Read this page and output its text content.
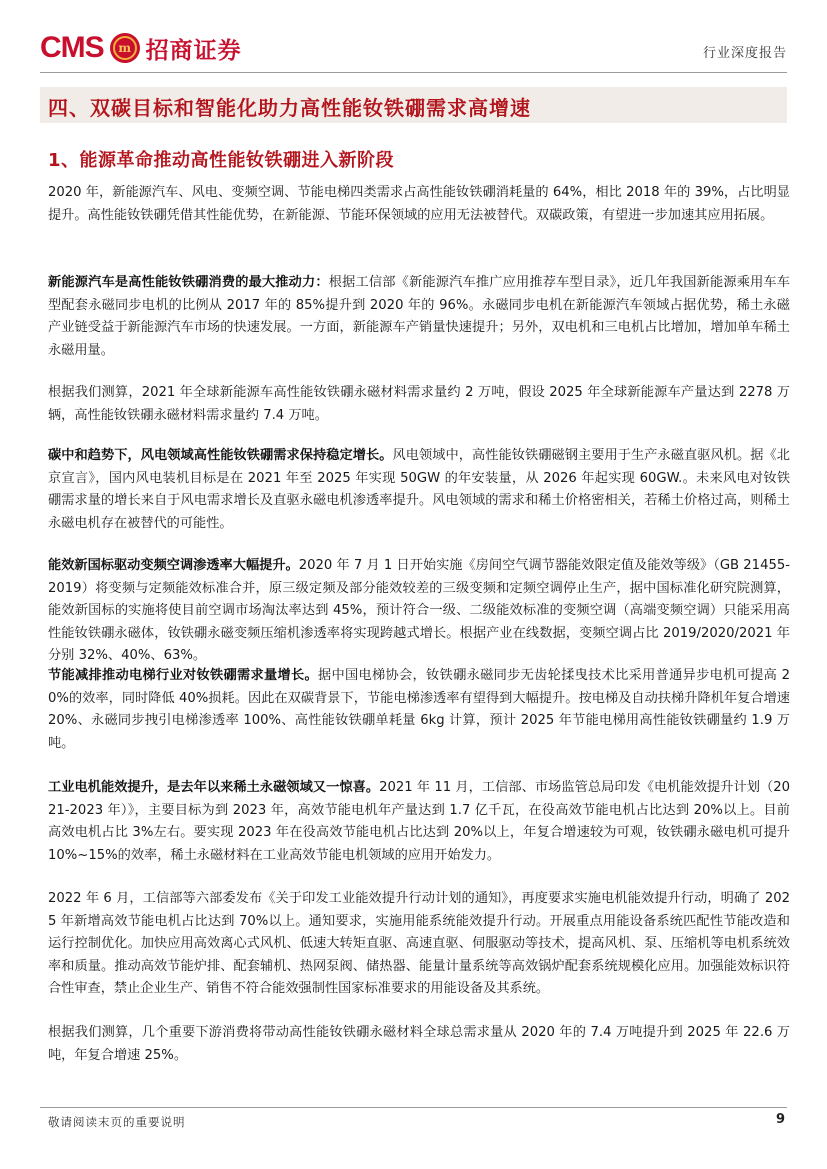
CMS m 招商证券	行业深度报告
四、双碳目标和智能化助力高性能钕铁硼需求高增速
1、能源革命推动高性能钕铁硼进入新阶段

2020 年，新能源汽车、风电、变频空调、节能电梯四类需求占高性能钕铁硼消耗量的 64%，相比 2018 年的 39%，占比明显提升。高性能钕铁硼凭借其性能优势，在新能源、节能环保领域的应用无法被替代。双碳政策，有望进一步加速其应用拓展。

新能源汽车是高性能钕铁硼消费的最大推动力：根据工信部《新能源汽车推广应用推荐车型目录》，近几年我国新能源乘用车车型配套永磁同步电机的比例从 2017 年的 85%提升到 2020 年的 96%。永磁同步电机在新能源汽车领域占据优势，稀土永磁产业链受益于新能源汽车市场的快速发展。一方面，新能源车产销量快速提升；另外，双电机和三电机占比增加，增加单车稀土永磁用量。

根据我们测算，2021 年全球新能源车高性能钕铁硼永磁材料需求量约 2 万吨，假设 2025 年全球新能源车产量达到 2278 万辆，高性能钕铁硼永磁材料需求量约 7.4 万吨。

碳中和趋势下，风电领域高性能钕铁硼需求保持稳定增长。风电领域中，高性能钕铁硼磁钢主要用于生产永磁直驱风机。据《北京宣言》，国内风电装机目标是在 2021 年至 2025 年实现 50GW 的年安装量，从 2026 年起实现 60GW.。未来风电对钕铁硼需求量的增长来自于风电需求增长及直驱永磁电机渗透率提升。风电领域的需求和稀土价格密相关，若稀土价格过高，则稀土永磁电机存在被替代的可能性。

能效新国标驱动变频空调渗透率大幅提升。2020 年 7 月 1 日开始实施《房间空气调节器能效限定值及能效等级》（GB 21455-2019）将变频与定频能效标准合并，原三级定频及部分能效较差的三级变频和定频空调停止生产，据中国标准化研究院测算，能效新国标的实施将使目前空调市场淘汰率达到 45%，预计符合一级、二级能效标准的变频空调（高端变频空调）只能采用高性能钕铁硼永磁体，钕铁硼永磁变频压缩机渗透率将实现跨越式增长。根据产业在线数据，变频空调占比 2019/2020/2021 年分别 32%、40%、63%。

节能减排推动电梯行业对钕铁硼需求量增长。据中国电梯协会，钕铁硼永磁同步无齿轮揉曳技术比采用普通异步电机可提高 20%的效率，同时降低 40%损耗。因此在双碳背景下，节能电梯渗透率有望得到大幅提升。按电梯及自动扶梯升降机年复合增速 20%、永磁同步拽引电梯渗透率 100%、高性能钕铁硼单耗量 6kg 计算，预计 2025 年节能电梯用高性能钕铁硼量约 1.9 万吨。

工业电机能效提升，是去年以来稀土永磁领域又一惊喜。2021 年 11 月，工信部、市场监管总局印发《电机能效提升计划（2021-2023 年）》，主要目标为到 2023 年，高效节能电机年产量达到 1.7 亿千瓦，在役高效节能电机占比达到 20%以上。目前高效电机占比 3%左右。要实现 2023 年在役高效节能电机占比达到 20%以上，年复合增速较为可观，钕铁硼永磁电机可提升 10%~15%的效率，稀土永磁材料在工业高效节能电机领域的应用开始发力。

2022 年 6 月，工信部等六部委发布《关于印发工业能效提升行动计划的通知》，再度要求实施电机能效提升行动，明确了 2025 年新增高效节能电机占比达到 70%以上。通知要求，实施用能系统能效提升行动。开展重点用能设备系统匹配性节能改造和运行控制优化。加快应用高效离心式风机、低速大转矩直驱、高速直驱、伺服驱动等技术，提高风机、泵、压缩机等电机系统效率和质量。推动高效节能炉排、配套辅机、热网泵阀、储热器、能量计量系统等高效锅炉配套系统规模化应用。加强能效标识符合性审查，禁止企业生产、销售不符合能效强制性国家标准要求的用能设备及其系统。

根据我们测算，几个重要下游消费将带动高性能钕铁硼永磁材料全球总需求量从 2020 年的 7.4 万吨提升到 2025 年 22.6 万吨，年复合增速 25%。

敬请阅读末页的重要说明	9
